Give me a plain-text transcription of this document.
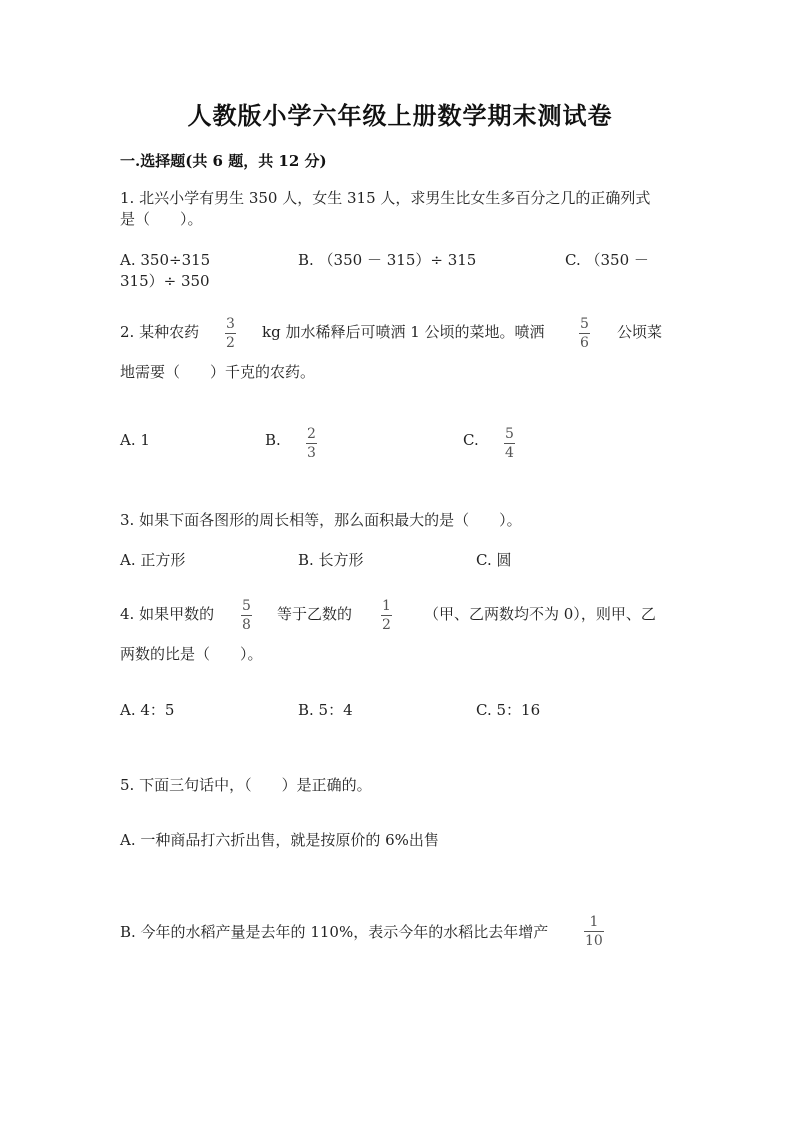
人教版小学六年级上册数学期末测试卷
一.选择题(共 6 题，共 12 分)
1. 北兴小学有男生 350 人，女生 315 人，求男生比女生多百分之几的正确列式
是（　　）。
A. 350÷315	B. （350 － 315）÷ 315	C. （350 －
315）÷ 350
2. 某种农药 3
2
kg 加水稀释后可喷洒 1 公顷的菜地。喷洒	5
6
公顷菜
地需要（　　）千克的农药。
A. 1	B. 2
3
C. 5
4
3. 如果下面各图形的周长相等，那么面积最大的是（　　）。
A. 正方形	B. 长方形	C. 圆
4. 如果甲数的 5
8
等于乙数的 1
2
（甲、乙两数均不为 0），则甲、乙
两数的比是（　　）。
A. 4：5	B. 5：4	C. 5：16
5. 下面三句话中，（　　）是正确的。
A. 一种商品打六折出售，就是按原价的 6%出售
B. 今年的水稻产量是去年的 110%，表示今年的水稻比去年增产
1
10
